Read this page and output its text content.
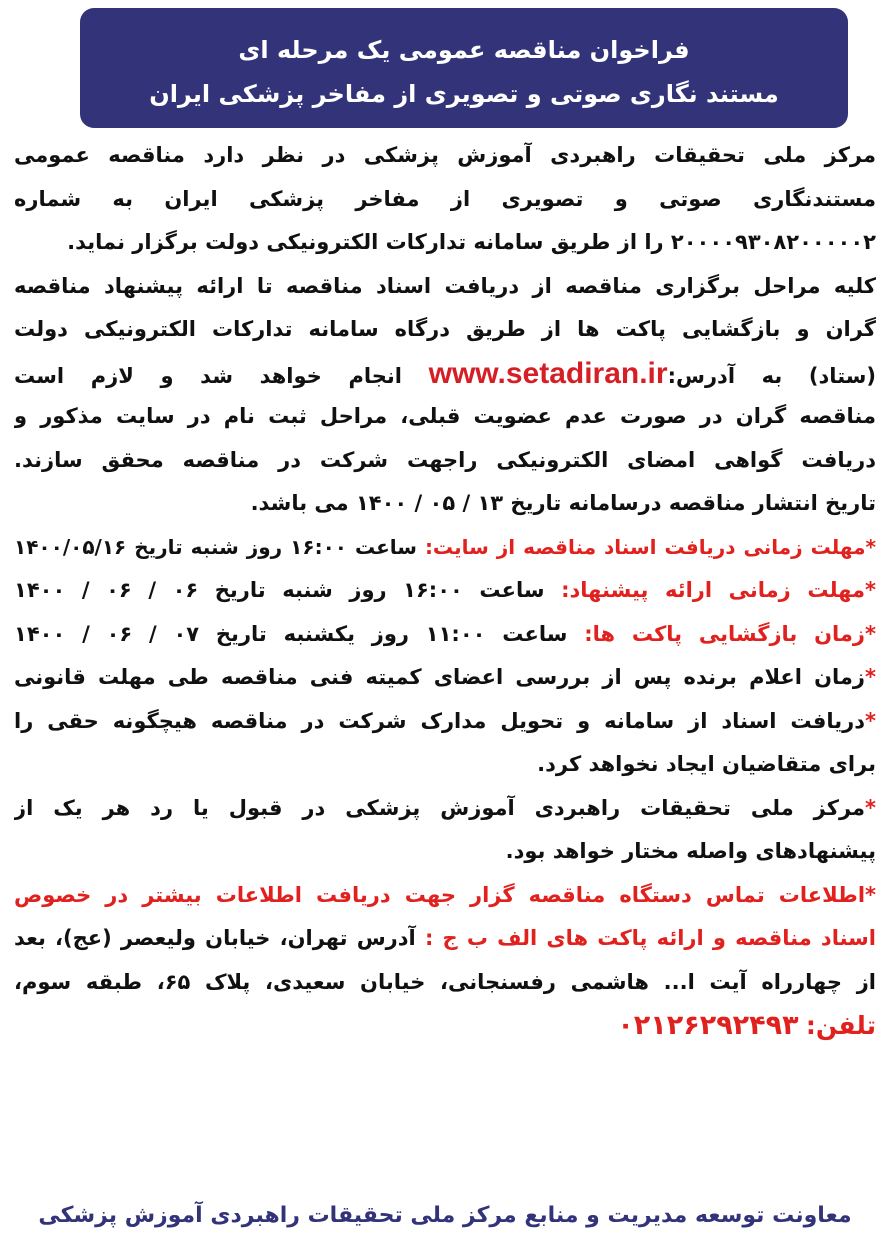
فراخوان مناقصه عمومی یک مرحله ای
مستند نگاری صوتی و تصویری از مفاخر پزشکی ایران
مرکز ملی تحقیقات راهبردی آموزش پزشکی در نظر دارد مناقصه عمومی
مستندنگاری صوتی و تصویری از مفاخر پزشکی ایران به شماره
۲۰۰۰۰۹۳۰۸۲۰۰۰۰۰۲ را از طریق سامانه تدارکات الکترونیکی دولت برگزار نماید.
کلیه مراحل برگزاری مناقصه از دریافت اسناد مناقصه تا ارائه پیشنهاد مناقصه
گران و بازگشایی پاکت ها از طریق درگاه سامانه تدارکات الکترونیکی دولت
(ستاد) به آدرس:www.setadiran.ir انجام خواهد شد و لازم است
مناقصه گران در صورت عدم عضویت قبلی، مراحل ثبت نام در سایت مذکور و
دریافت گواهی امضای الکترونیکی راجهت شرکت در مناقصه محقق سازند.
تاریخ انتشار مناقصه درسامانه تاریخ ۱۳ / ۰۵ / ۱۴۰۰ می باشد.
*مهلت زمانی دریافت اسناد مناقصه از سایت: ساعت ۱۶:۰۰ روز شنبه تاریخ ۱۴۰۰/۰۵/۱۶
*مهلت زمانی ارائه پیشنهاد: ساعت ۱۶:۰۰ روز شنبه تاریخ ۰۶ / ۰۶ / ۱۴۰۰
*زمان بازگشایی پاکت ها: ساعت ۱۱:۰۰ روز یکشنبه تاریخ ۰۷ / ۰۶ / ۱۴۰۰
*زمان اعلام برنده پس از بررسی اعضای کمیته فنی مناقصه طی مهلت قانونی
*دریافت اسناد از سامانه و تحویل مدارک شرکت در مناقصه هیچگونه حقی را
برای متقاضیان ایجاد نخواهد کرد.
*مرکز ملی تحقیقات راهبردی آموزش پزشکی در قبول یا رد هر یک از
پیشنهادهای واصله مختار خواهد بود.
*اطلاعات تماس دستگاه مناقصه گزار جهت دریافت اطلاعات بیشتر در خصوص
اسناد مناقصه و ارائه پاکت های الف ب ج : آدرس تهران، خیابان ولیعصر (عج)، بعد
از چهارراه آیت ا... هاشمی رفسنجانی، خیابان سعیدی، پلاک ۶۵، طبقه سوم،
تلفن: ۰۲۱۲۶۲۹۲۴۹۳
معاونت توسعه مدیریت و منابع مرکز ملی تحقیقات راهبردی آموزش پزشکی
